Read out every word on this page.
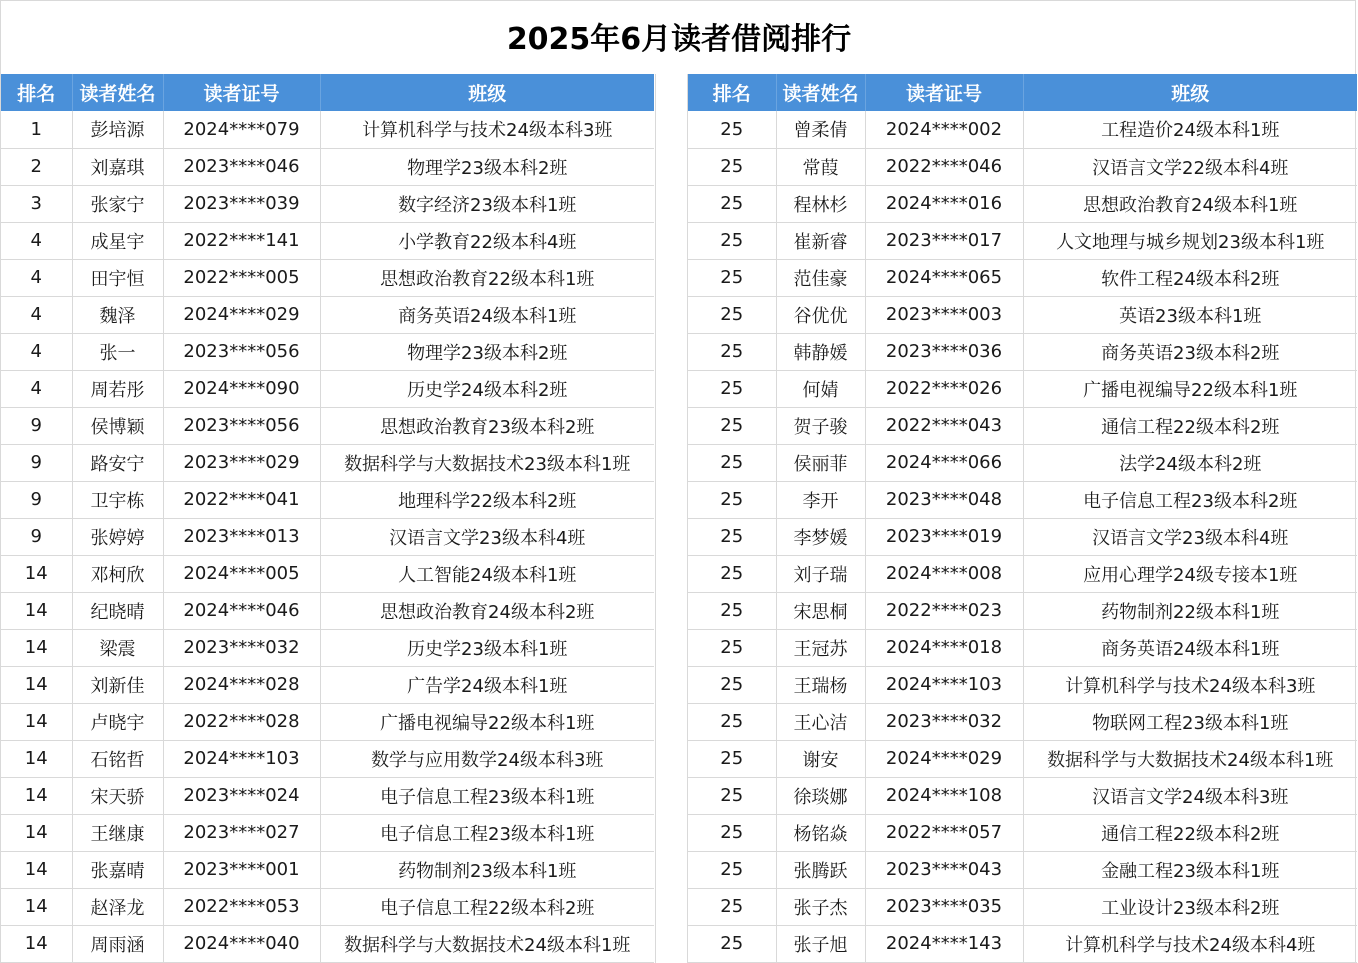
2025年6月读者借阅排行
排名	读者姓名	读者证号	班级
1	彭培源	2024****079	计算机科学与技术24级本科3班
2	刘嘉琪	2023****046	物理学23级本科2班
3	张家宁	2023****039	数字经济23级本科1班
4	成星宇	2022****141	小学教育22级本科4班
4	田宇恒	2022****005	思想政治教育22级本科1班
4	魏泽	2024****029	商务英语24级本科1班
4	张一	2023****056	物理学23级本科2班
4	周若彤	2024****090	历史学24级本科2班
9	侯博颖	2023****056	思想政治教育23级本科2班
9	路安宁	2023****029	数据科学与大数据技术23级本科1班
9	卫宇栋	2022****041	地理科学22级本科2班
9	张婷婷	2023****013	汉语言文学23级本科4班
14	邓柯欣	2024****005	人工智能24级本科1班
14	纪晓晴	2024****046	思想政治教育24级本科2班
14	梁震	2023****032	历史学23级本科1班
14	刘新佳	2024****028	广告学24级本科1班
14	卢晓宇	2022****028	广播电视编导22级本科1班
14	石铭哲	2024****103	数学与应用数学24级本科3班
14	宋天骄	2023****024	电子信息工程23级本科1班
14	王继康	2023****027	电子信息工程23级本科1班
14	张嘉晴	2023****001	药物制剂23级本科1班
14	赵泽龙	2022****053	电子信息工程22级本科2班
14	周雨涵	2024****040	数据科学与大数据技术24级本科1班
排名	读者姓名	读者证号	班级
25	曾柔倩	2024****002	工程造价24级本科1班
25	常葭	2022****046	汉语言文学22级本科4班
25	程林杉	2024****016	思想政治教育24级本科1班
25	崔新睿	2023****017	人文地理与城乡规划23级本科1班
25	范佳豪	2024****065	软件工程24级本科2班
25	谷优优	2023****003	英语23级本科1班
25	韩静媛	2023****036	商务英语23级本科2班
25	何婧	2022****026	广播电视编导22级本科1班
25	贺子骏	2022****043	通信工程22级本科2班
25	侯丽菲	2024****066	法学24级本科2班
25	李开	2023****048	电子信息工程23级本科2班
25	李梦媛	2023****019	汉语言文学23级本科4班
25	刘子瑞	2024****008	应用心理学24级专接本1班
25	宋思桐	2022****023	药物制剂22级本科1班
25	王冠苏	2024****018	商务英语24级本科1班
25	王瑞杨	2024****103	计算机科学与技术24级本科3班
25	王心洁	2023****032	物联网工程23级本科1班
25	谢安	2024****029	数据科学与大数据技术24级本科1班
25	徐琰娜	2024****108	汉语言文学24级本科3班
25	杨铭焱	2022****057	通信工程22级本科2班
25	张腾跃	2023****043	金融工程23级本科1班
25	张子杰	2023****035	工业设计23级本科2班
25	张子旭	2024****143	计算机科学与技术24级本科4班
